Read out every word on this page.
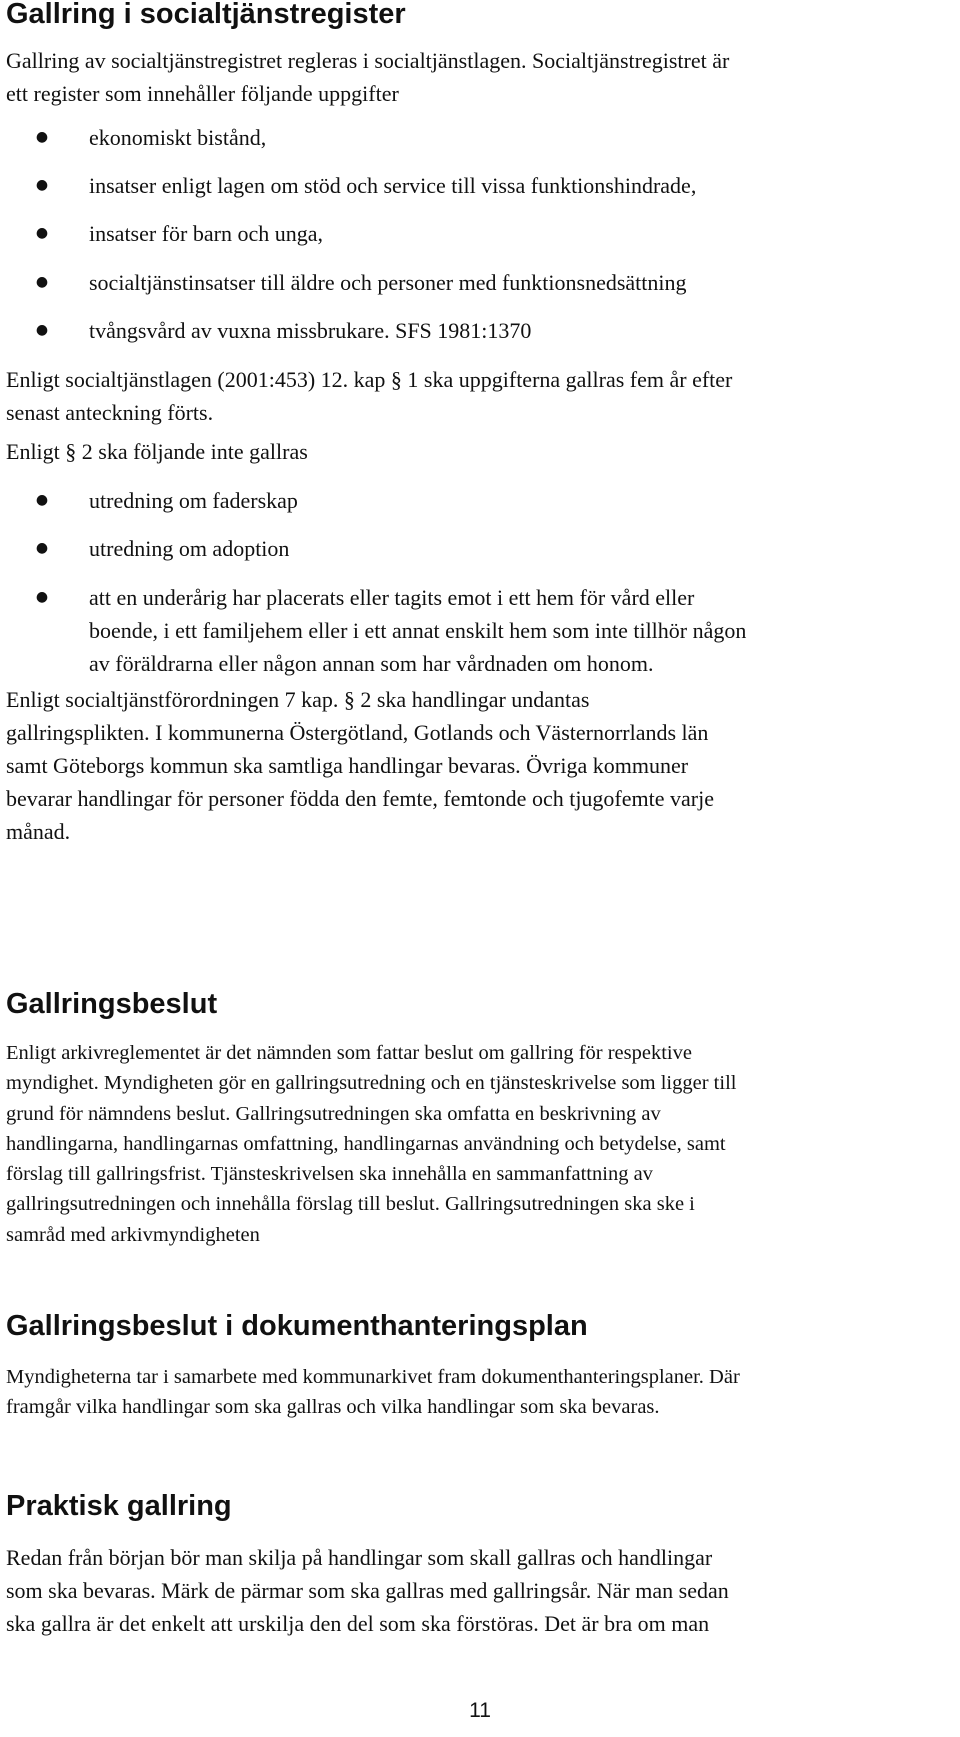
Gallring i socialtjänstregister
Gallring av socialtjänstregistret regleras i socialtjänstlagen. Socialtjänstregistret är
ett register som innehåller följande uppgifter
● ekonomiskt bistånd,
● insatser enligt lagen om stöd och service till vissa funktionshindrade,
● insatser för barn och unga,
● socialtjänstinsatser till äldre och personer med funktionsnedsättning
● tvångsvård av vuxna missbrukare. SFS 1981:1370
Enligt socialtjänstlagen (2001:453) 12. kap § 1 ska uppgifterna gallras fem år efter
senast anteckning förts.
Enligt § 2 ska följande inte gallras
● utredning om faderskap
● utredning om adoption
● att en underårig har placerats eller tagits emot i ett hem för vård eller
boende, i ett familjehem eller i ett annat enskilt hem som inte tillhör någon
av föräldrarna eller någon annan som har vårdnaden om honom.
Enligt socialtjänstförordningen 7 kap. § 2 ska handlingar undantas
gallringsplikten. I kommunerna Östergötland, Gotlands och Västernorrlands län
samt Göteborgs kommun ska samtliga handlingar bevaras. Övriga kommuner
bevarar handlingar för personer födda den femte, femtonde och tjugofemte varje
månad.
Gallringsbeslut
Enligt arkivreglementet är det nämnden som fattar beslut om gallring för respektive
myndighet. Myndigheten gör en gallringsutredning och en tjänsteskrivelse som ligger till
grund för nämndens beslut. Gallringsutredningen ska omfatta en beskrivning av
handlingarna, handlingarnas omfattning, handlingarnas användning och betydelse, samt
förslag till gallringsfrist. Tjänsteskrivelsen ska innehålla en sammanfattning av
gallringsutredningen och innehålla förslag till beslut. Gallringsutredningen ska ske i
samråd med arkivmyndigheten
Gallringsbeslut i dokumenthanteringsplan
Myndigheterna tar i samarbete med kommunarkivet fram dokumenthanteringsplaner. Där
framgår vilka handlingar som ska gallras och vilka handlingar som ska bevaras.
Praktisk gallring
Redan från början bör man skilja på handlingar som skall gallras och handlingar
som ska bevaras. Märk de pärmar som ska gallras med gallringsår. När man sedan
ska gallra är det enkelt att urskilja den del som ska förstöras. Det är bra om man
11
